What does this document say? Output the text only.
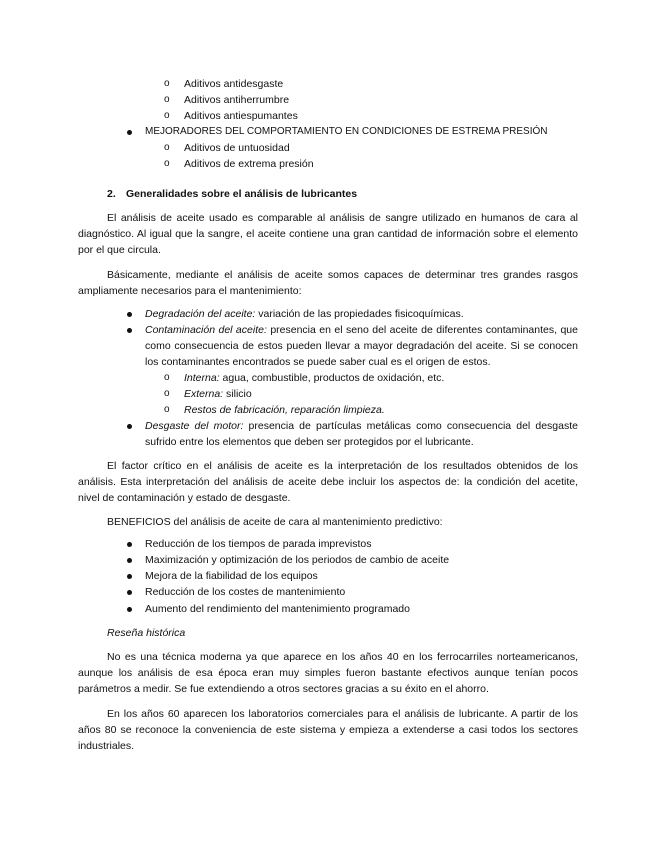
o Aditivos antidesgaste
o Aditivos antiherrumbre
o Aditivos antiespumantes
MEJORADORES DEL COMPORTAMIENTO EN CONDICIONES DE ESTREMA PRESIÓN
o Aditivos de untuosidad
o Aditivos de extrema presión
2. Generalidades sobre el análisis de lubricantes
El análisis de aceite usado es comparable al análisis de sangre utilizado en humanos de cara al
diagnóstico. Al igual que la sangre, el aceite contiene una gran cantidad de información sobre el elemento
por el que circula.
Básicamente, mediante el análisis de aceite somos capaces de determinar tres grandes rasgos
ampliamente necesarios para el mantenimiento:
Degradación del aceite: variación de las propiedades fisicoquímicas.
Contaminación del aceite: presencia en el seno del aceite de diferentes contaminantes, que
como consecuencia de estos pueden llevar a mayor degradación del aceite. Si se conocen
los contaminantes encontrados se puede saber cual es el origen de estos.
o Interna: agua, combustible, productos de oxidación, etc.
o Externa: silicio
o Restos de fabricación, reparación limpieza.
Desgaste del motor: presencia de partículas metálicas como consecuencia del desgaste
sufrido entre los elementos que deben ser protegidos por el lubricante.
El factor crítico en el análisis de aceite es la interpretación de los resultados obtenidos de los
análisis. Esta interpretación del análisis de aceite debe incluir los aspectos de: la condición del acetite,
nivel de contaminación y estado de desgaste.
BENEFICIOS del análisis de aceite de cara al mantenimiento predictivo:
Reducción de los tiempos de parada imprevistos
Maximización y optimización de los periodos de cambio de aceite
Mejora de la fiabilidad de los equipos
Reducción de los costes de mantenimiento
Aumento del rendimiento del mantenimiento programado
Reseña histórica
No es una técnica moderna ya que aparece en los años 40 en los ferrocarriles norteamericanos,
aunque los análisis de esa época eran muy simples fueron bastante efectivos aunque tenían pocos
parámetros a medir. Se fue extendiendo a otros sectores gracias a su éxito en el ahorro.
En los años 60 aparecen los laboratorios comerciales para el análisis de lubricante. A partir de los
años 80 se reconoce la conveniencia de este sistema y empieza a extenderse a casi todos los sectores
industriales.
